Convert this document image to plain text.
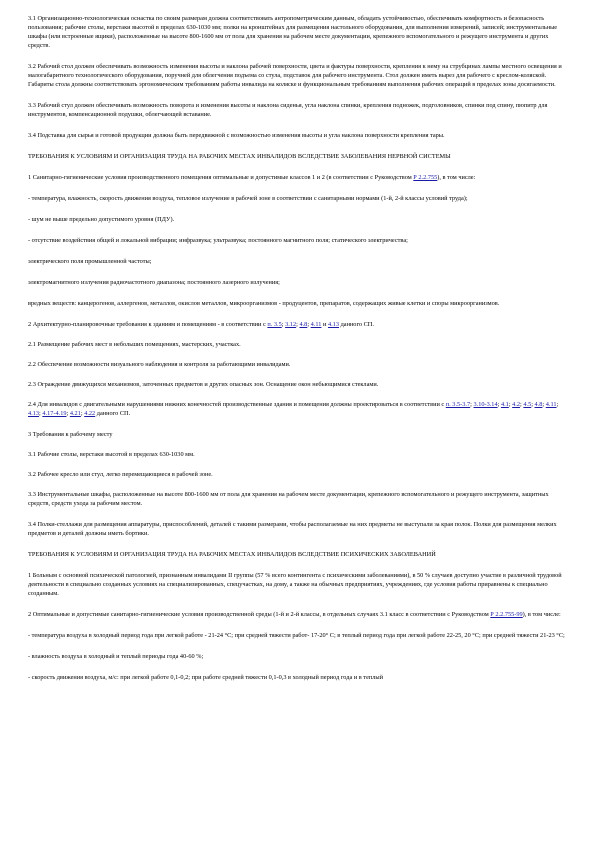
3.1 Организационно-технологическая оснастка по своим размерам должна соответствовать антропометрическим данным, обладать устойчивостью, обеспечивать комфортность и безопасность пользования; рабочие столы, верстаки высотой в пределах 630-1030 мм; полки на кронштейнах для размещения настольного оборудования, для выполнения измерений, записей; инструментальные шкафы (или встроенные ящики), расположенные на высоте 800-1600 мм от пола для хранения на рабочем месте документации, крепежного вспомогательного и режущего инструмента и других средств.

3.2 Рабочий стол должен обеспечивать возможность изменения высоты и наклона рабочей поверхности, цвета и фактуры поверхности, крепления к нему на струбцинах лампы местного освещения и малогабаритного технологического оборудования, поручней для облегчения подъема со стула, подставок для рабочего инструмента. Стол должен иметь вырез для рабочего с креслом-коляской. Габариты стола должны соответствовать эргономическим требованиям работы инвалида на коляске и функциональным требованиям выполнения рабочих операций в пределах зоны досягаемости.

3.3 Рабочий стул должен обеспечивать возможность поворота и изменения высоты и наклона сиденья, угла наклона спинки, крепления подножек, подголовников, спинки под спину, пюпитр для инструментов, компенсационной подушки, облегчающей вставание.

3.4 Подставка для сырья и готовой продукции должна быть передвижной с возможностью изменения высоты и угла наклона поверхности крепления тары.

ТРЕБОВАНИЯ К УСЛОВИЯМ И ОРГАНИЗАЦИЯ ТРУДА НА РАБОЧИХ МЕСТАХ ИНВАЛИДОВ ВСЛЕДСТВИЕ ЗАБОЛЕВАНИЯ НЕРВНОЙ СИСТЕМЫ

1 Санитарно-гигиенические условия производственного помещения оптимальные и допустимые классов 1 и 2 (в соответствии с Руководством Р 2.2.755), в том числе:

- температура, влажность, скорость движения воздуха, тепловое излучение в рабочей зоне в соответствии с санитарными нормами (1-й, 2-й классы условий труда);

- шум не выше предельно допустимого уровня (ПДУ).

- отсутствие воздействия общей и локальной вибрации; инфразвука; ультразвука; постоянного магнитного поля; статического электричества;

электрического поля промышленной частоты;

электромагнитного излучения радиочастотного диапазона; постоянного лазерного излучения;

вредных веществ: канцерогенов, аллергенов, металлов, окислов металлов, микроорганизмов - продуцентов, препаратов, содержащих живые клетки и споры микроорганизмов.

2 Архитектурно-планировочные требования к зданиям и помещениям - в соответствии с п. 3.5; 3.12; 4.8; 4.11 и 4.13 данного СП.

2.1 Размещение рабочих мест в небольших помещениях, мастерских, участках.

2.2 Обеспечение возможности визуального наблюдения и контроля за работающими инвалидами.

2.3 Ограждение движущихся механизмов, заточенных предметов и других опасных зон. Оснащение окон небьющимися стеклами.

2.4 Для инвалидов с двигательными нарушениями нижних конечностей производственные здания и помещения должны проектироваться в соответствии с п. 3.5-3.7; 3.10-3.14; 4.1; 4.2; 4.5; 4.8; 4.11; 4.13; 4.17-4.19; 4.21; 4.22 данного СП.

3 Требования к рабочему месту

3.1 Рабочие столы, верстаки высотой в пределах 630-1030 мм.

3.2 Рабочее кресло или стул, легко перемещающиеся в рабочей зоне.

3.3 Инструментальные шкафы, расположенные на высоте 800-1600 мм от пола для хранения на рабочем месте документации, крепежного вспомогательного и режущего инструмента, защитных средств, средств ухода за рабочим местом.

3.4 Полки-стеллажи для размещения аппаратуры, приспособлений, деталей с такими размерами, чтобы располагаемые на них предметы не выступали за края полок. Полки для размещения мелких предметов и деталей должны иметь бортики.

ТРЕБОВАНИЯ К УСЛОВИЯМ И ОРГАНИЗАЦИЯ ТРУДА НА РАБОЧИХ МЕСТАХ ИНВАЛИДОВ ВСЛЕДСТВИЕ ПСИХИЧЕСКИХ ЗАБОЛЕВАНИЙ

1 Больным с основной психической патологией, признанным инвалидами II группы (57 % всего контингента с психическими заболеваниями), в 50 % случаев доступно участие в различной трудовой деятельности в специально созданных условиях на специализированных, спецучастках, на дому, а также на обычных предприятиях, учреждениях, где условия работы приравнены к специально созданным.

2 Оптимальные и допустимые санитарно-гигиенические условия производственной среды (1-й и 2-й классы, в отдельных случаях 3.1 класс в соответствии с Руководством Р 2.2.755-99), в том числе:

- температура воздуха в холодный период года при легкой работе - 21-24 °С; при средней тяжести работ- 17-20° С; в теплый период года при легкой работе 22-25, 20 °С; при средней тяжести 21-23 °С;

- влажность воздуха в холодный и теплый периоды года 40-60 %;

- скорость движения воздуха, м/с: при легкой работе 0,1-0,2; при работе средней тяжести 0,1-0,3 в холодный период года и в теплый
